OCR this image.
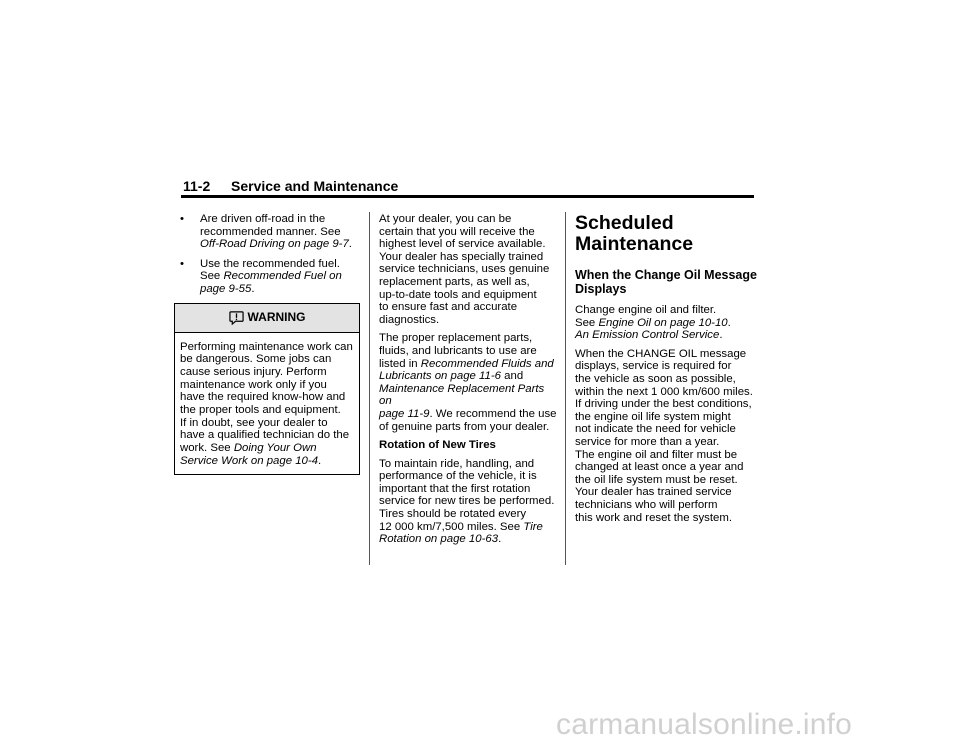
11-2 Service and Maintenance
• Are driven off-road in the
recommended manner. See
Off-Road Driving on page 9-7.
• Use the recommended fuel.
See Recommended Fuel on
page 9-55.
WARNING
Performing maintenance work can
be dangerous. Some jobs can
cause serious injury. Perform
maintenance work only if you
have the required know-how and
the proper tools and equipment.
If in doubt, see your dealer to
have a qualified technician do the
work. See Doing Your Own
Service Work on page 10-4.

At your dealer, you can be
certain that you will receive the
highest level of service available.
Your dealer has specially trained
service technicians, uses genuine
replacement parts, as well as,
up-to-date tools and equipment
to ensure fast and accurate
diagnostics.

The proper replacement parts,
fluids, and lubricants to use are
listed in Recommended Fluids and
Lubricants on page 11-6 and
Maintenance Replacement Parts on
page 11-9. We recommend the use
of genuine parts from your dealer.

Rotation of New Tires

To maintain ride, handling, and
performance of the vehicle, it is
important that the first rotation
service for new tires be performed.
Tires should be rotated every
12 000 km/7,500 miles. See Tire
Rotation on page 10-63.

Scheduled
Maintenance
When the Change Oil Message
Displays

Change engine oil and filter.
See Engine Oil on page 10-10.
An Emission Control Service.

When the CHANGE OIL message
displays, service is required for
the vehicle as soon as possible,
within the next 1 000 km/600 miles.
If driving under the best conditions,
the engine oil life system might
not indicate the need for vehicle
service for more than a year.
The engine oil and filter must be
changed at least once a year and
the oil life system must be reset.
Your dealer has trained service
technicians who will perform
this work and reset the system.

carmanualsonline.info
